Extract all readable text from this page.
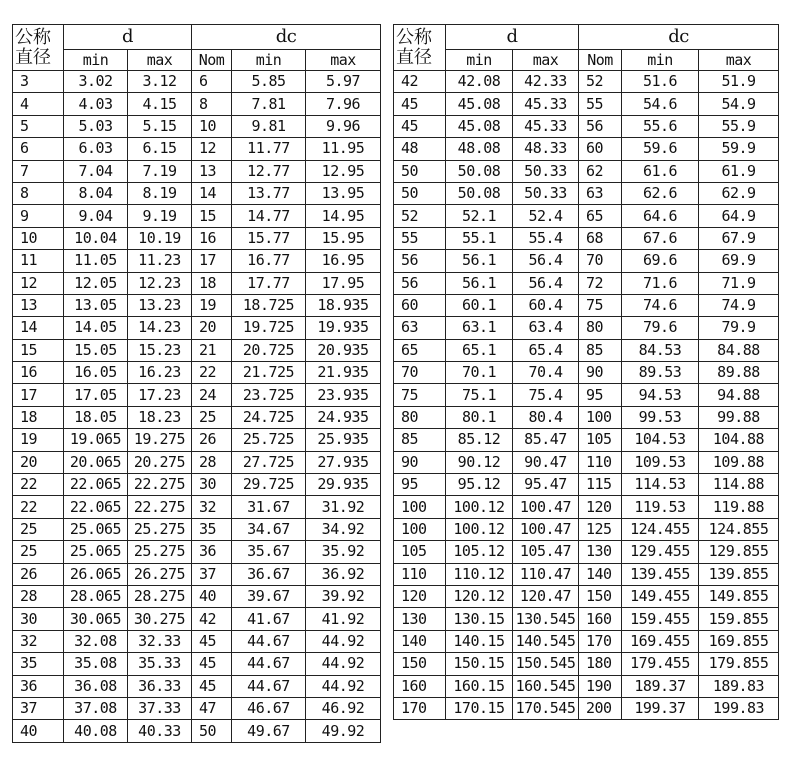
公称
直径	d		dc		
	min	max	Nom	min	max
3	3.02	3.12	6	5.85	5.97
4	4.03	4.15	8	7.81	7.96
5	5.03	5.15	10	9.81	9.96
6	6.03	6.15	12	11.77	11.95
7	7.04	7.19	13	12.77	12.95
8	8.04	8.19	14	13.77	13.95
9	9.04	9.19	15	14.77	14.95
10	10.04	10.19	16	15.77	15.95
11	11.05	11.23	17	16.77	16.95
12	12.05	12.23	18	17.77	17.95
13	13.05	13.23	19	18.725	18.935
14	14.05	14.23	20	19.725	19.935
15	15.05	15.23	21	20.725	20.935
16	16.05	16.23	22	21.725	21.935
17	17.05	17.23	24	23.725	23.935
18	18.05	18.23	25	24.725	24.935
19	19.065	19.275	26	25.725	25.935
20	20.065	20.275	28	27.725	27.935
22	22.065	22.275	30	29.725	29.935
22	22.065	22.275	32	31.67	31.92
25	25.065	25.275	35	34.67	34.92
25	25.065	25.275	36	35.67	35.92
26	26.065	26.275	37	36.67	36.92
28	28.065	28.275	40	39.67	39.92
30	30.065	30.275	42	41.67	41.92
32	32.08	32.33	45	44.67	44.92
35	35.08	35.33	45	44.67	44.92
36	36.08	36.33	45	44.67	44.92
37	37.08	37.33	47	46.67	46.92
40	40.08	40.33	50	49.67	49.92
公称
直径	d		dc		
	min	max	Nom	min	max
42	42.08	42.33	52	51.6	51.9
45	45.08	45.33	55	54.6	54.9
45	45.08	45.33	56	55.6	55.9
48	48.08	48.33	60	59.6	59.9
50	50.08	50.33	62	61.6	61.9
50	50.08	50.33	63	62.6	62.9
52	52.1	52.4	65	64.6	64.9
55	55.1	55.4	68	67.6	67.9
56	56.1	56.4	70	69.6	69.9
56	56.1	56.4	72	71.6	71.9
60	60.1	60.4	75	74.6	74.9
63	63.1	63.4	80	79.6	79.9
65	65.1	65.4	85	84.53	84.88
70	70.1	70.4	90	89.53	89.88
75	75.1	75.4	95	94.53	94.88
80	80.1	80.4	100	99.53	99.88
85	85.12	85.47	105	104.53	104.88
90	90.12	90.47	110	109.53	109.88
95	95.12	95.47	115	114.53	114.88
100	100.12	100.47	120	119.53	119.88
100	100.12	100.47	125	124.455	124.855
105	105.12	105.47	130	129.455	129.855
110	110.12	110.47	140	139.455	139.855
120	120.12	120.47	150	149.455	149.855
130	130.15	130.545	160	159.455	159.855
140	140.15	140.545	170	169.455	169.855
150	150.15	150.545	180	179.455	179.855
160	160.15	160.545	190	189.37	189.83
170	170.15	170.545	200	199.37	199.83
